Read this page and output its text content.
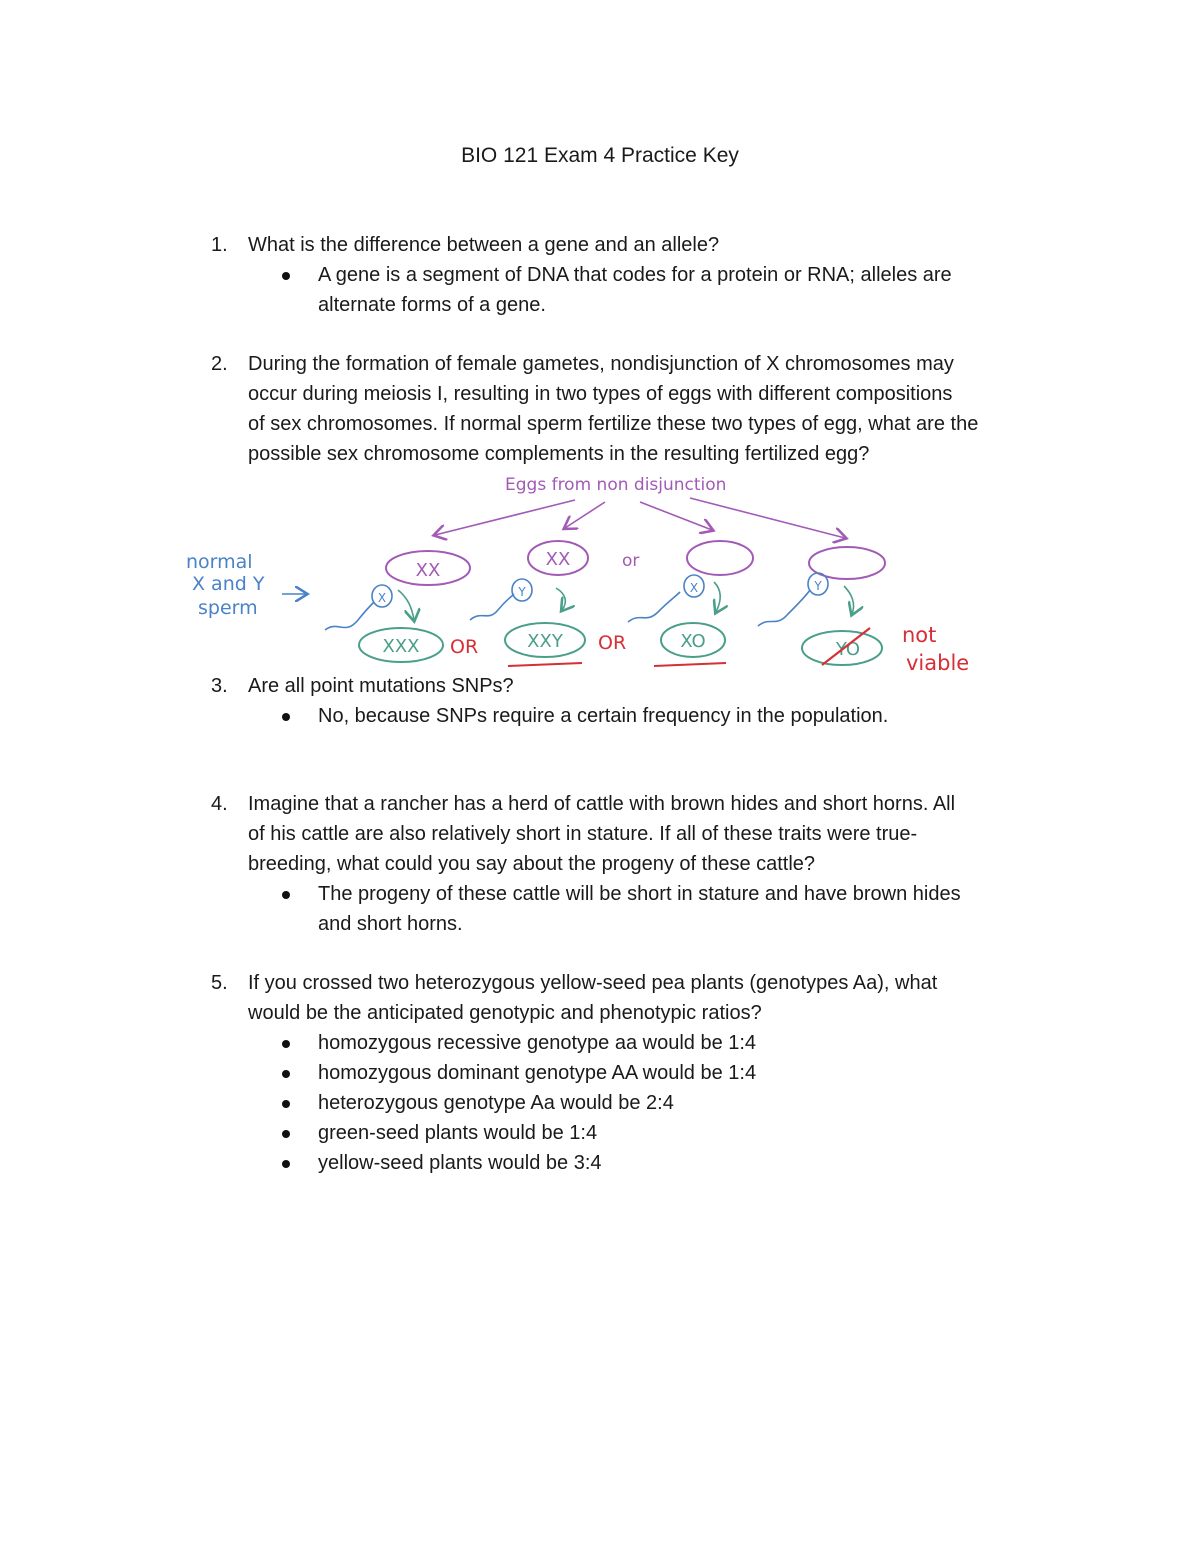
BIO 121 Exam 4 Practice Key
1. What is the difference between a gene and an allele?
A gene is a segment of DNA that codes for a protein or RNA; alleles are
alternate forms of a gene.
2. During the formation of female gametes, nondisjunction of X chromosomes may
occur during meiosis I, resulting in two types of eggs with different compositions
of sex chromosomes. If normal sperm fertilize these two types of egg, what are the
possible sex chromosome complements in the resulting fertilized egg?
Eggs from non disjunction
normal
X and Y
sperm
XX
XX	or
X	Y	X	Y
XXX OR	XXY OR	XO	YO
not
viable
3. Are all point mutations SNPs?
No, because SNPs require a certain frequency in the population.
4. Imagine that a rancher has a herd of cattle with brown hides and short horns. All
of his cattle are also relatively short in stature. If all of these traits were true-
breeding, what could you say about the progeny of these cattle?
The progeny of these cattle will be short in stature and have brown hides
and short horns.
5. If you crossed two heterozygous yellow-seed pea plants (genotypes Aa), what
would be the anticipated genotypic and phenotypic ratios?
homozygous recessive genotype aa would be 1:4
homozygous dominant genotype AA would be 1:4
heterozygous genotype Aa would be 2:4
green-seed plants would be 1:4
yellow-seed plants would be 3:4
